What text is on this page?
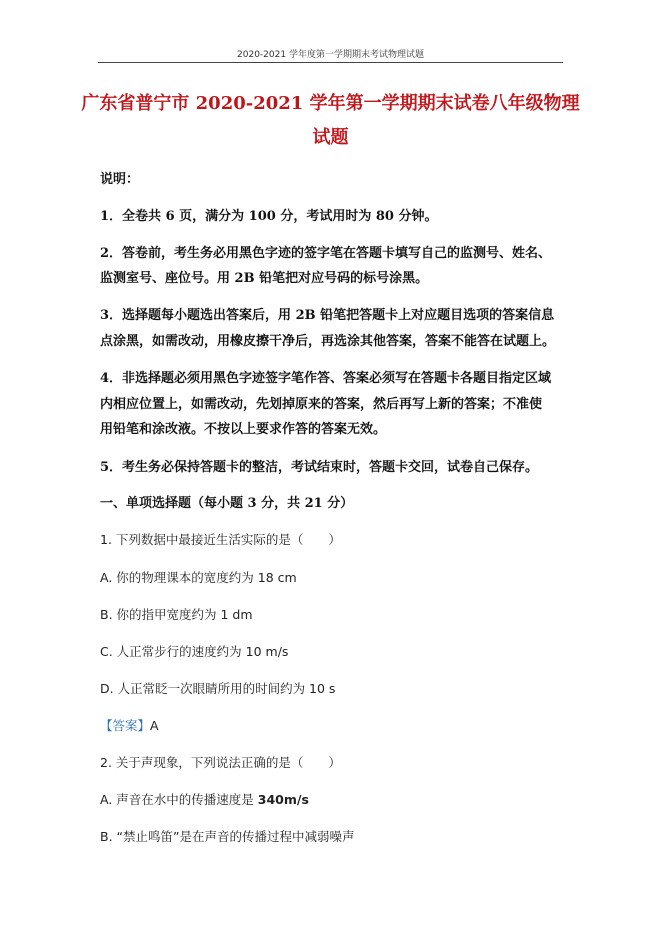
2020-2021 学年度第一学期期末考试物理试题
广东省普宁市 2020-2021 学年第一学期期末试卷八年级物理
试题
说明：
1．全卷共 6 页，满分为 100 分，考试用时为 80 分钟。
2．答卷前，考生务必用黑色字迹的签字笔在答题卡填写自己的监测号、姓名、
监测室号、座位号。用 2B 铅笔把对应号码的标号涂黑。
3．选择题每小题选出答案后，用 2B 铅笔把答题卡上对应题目选项的答案信息
点涂黑，如需改动，用橡皮擦干净后，再选涂其他答案，答案不能答在试题上。
4．非选择题必须用黑色字迹签字笔作答、答案必须写在答题卡各题目指定区域
内相应位置上，如需改动，先划掉原来的答案，然后再写上新的答案；不准使
用铅笔和涂改液。不按以上要求作答的答案无效。
5．考生务必保持答题卡的整洁，考试结束时，答题卡交回，试卷自己保存。
一、单项选择题（每小题 3 分，共 21 分）
1. 下列数据中最接近生活实际的是（　　）
A. 你的物理课本的宽度约为 18 cm
B. 你的指甲宽度约为 1 dm
C. 人正常步行的速度约为 10 m/s
D. 人正常眨一次眼睛所用的时间约为 10 s
【答案】A
2. 关于声现象，下列说法正确的是（　　）
A. 声音在水中的传播速度是 340m/s
B. “禁止鸣笛”是在声音的传播过程中减弱噪声
